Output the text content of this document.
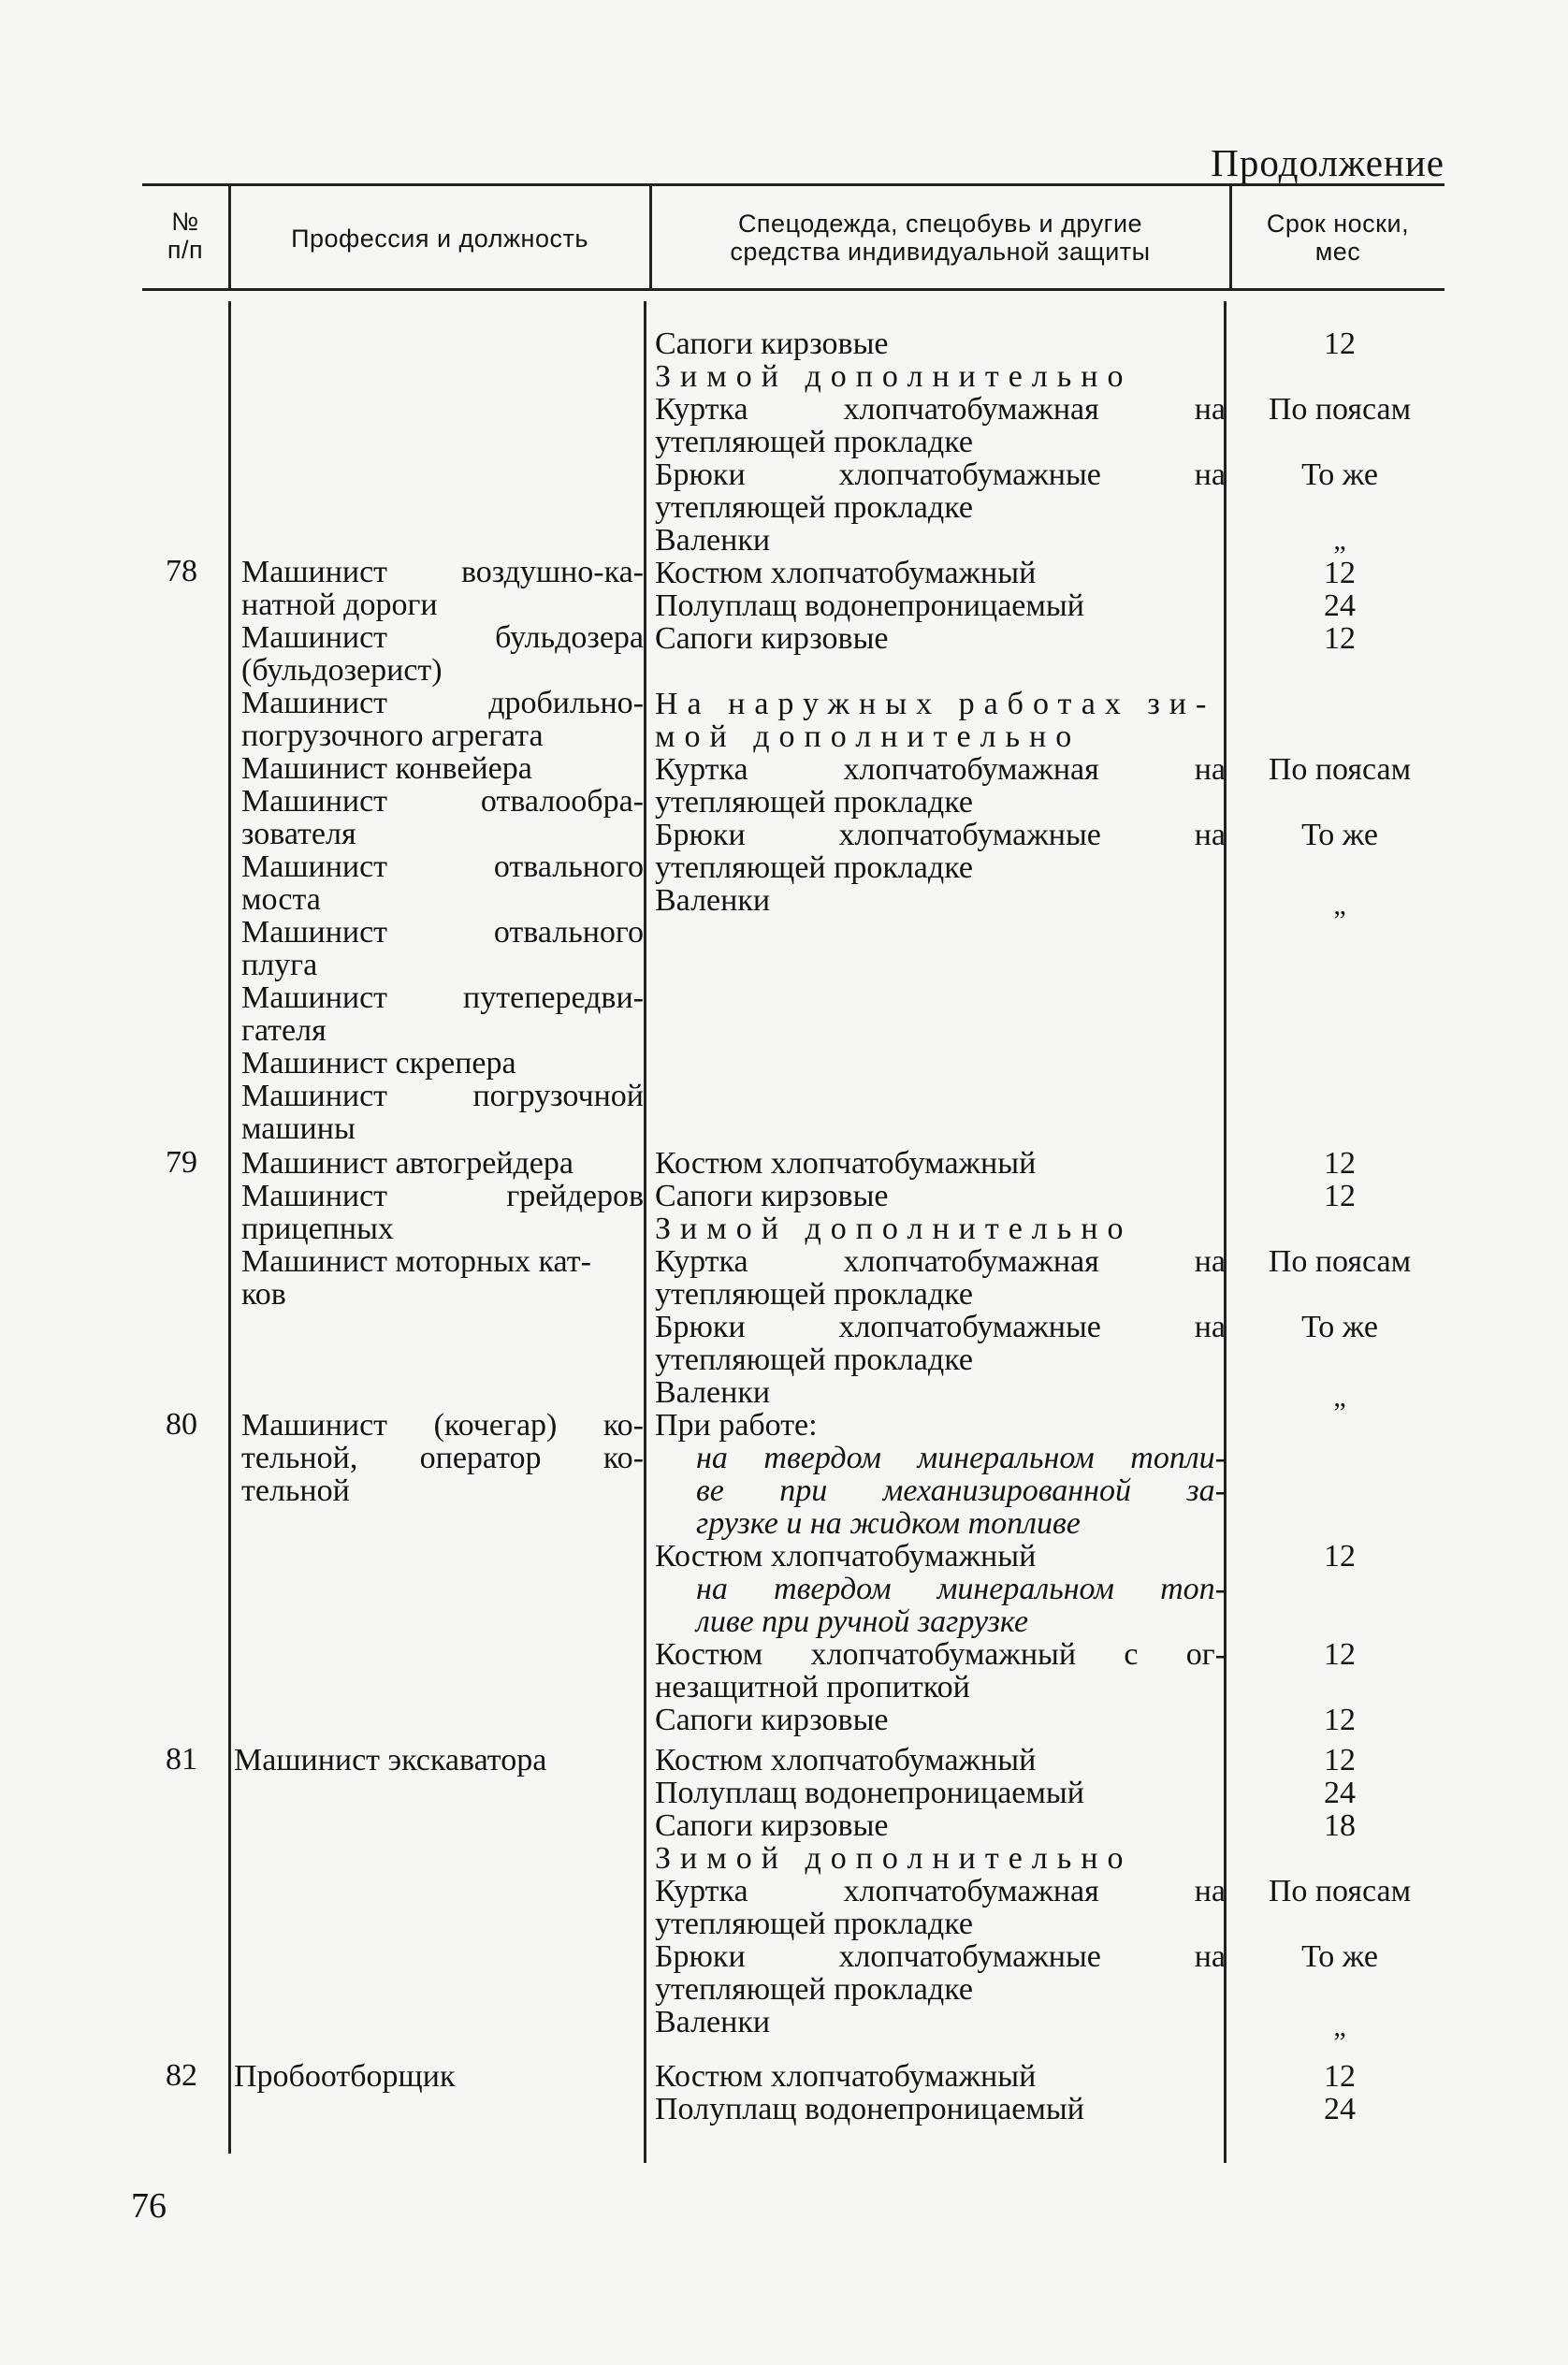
Продолжение
№
п/п	Профессия и должность
Спецодежда, спецобувь и другие
средства индивидуальной защиты
Срок носки,
мес
78
79
80
81
82
Машинист воздушно-ка-
натной дороги
Машинист бульдозера
(бульдозерист)
Машинист дробильно-
погрузочного агрегата
Машинист конвейера
Машинист отвалообра-
зователя
Машинист отвального
моста
Машинист отвального
плуга
Машинист путепередви-
гателя
Машинист скрепера
Машинист погрузочной
машины
Машинист автогрейдера
Машинист грейдеров
прицепных
Машинист моторных кат-
ков
Машинист (кочегар) ко-
тельной, оператор ко-
тельной
Машинист экскаватора
Пробоотборщик
Сапоги кирзовые
Зимой дополнительно
Куртка хлопчатобумажная на
утепляющей прокладке
Брюки хлопчатобумажные на
утепляющей прокладке
Валенки
Костюм хлопчатобумажный
Полуплащ водонепроницаемый
Сапоги кирзовые
На наружных работах зи-
мой дополнительно
Куртка хлопчатобумажная на
утепляющей прокладке
Брюки хлопчатобумажные на
утепляющей прокладке
Валенки
Костюм хлопчатобумажный
Сапоги кирзовые
Зимой дополнительно
Куртка хлопчатобумажная на
утепляющей прокладке
Брюки хлопчатобумажные на
утепляющей прокладке
Валенки
При работе:
на твердом минеральном топли-
ве при механизированной за-
грузке и на жидком топливе
Костюм хлопчатобумажный
на твердом минеральном топ-
ливе при ручной загрузке
Костюм хлопчатобумажный с ог-
незащитной пропиткой
Сапоги кирзовые
Костюм хлопчатобумажный
Полуплащ водонепроницаемый
Сапоги кирзовые
Зимой дополнительно
Куртка хлопчатобумажная на
утепляющей прокладке
Брюки хлопчатобумажные на
утепляющей прокладке
Валенки
Костюм хлопчатобумажный
Полуплащ водонепроницаемый
12
По поясам
То же
„
12
24
12
По поясам
То же
„
12
12
По поясам
То же
„
12
12
12
12
24
18
По поясам
То же
„
12
24
76
